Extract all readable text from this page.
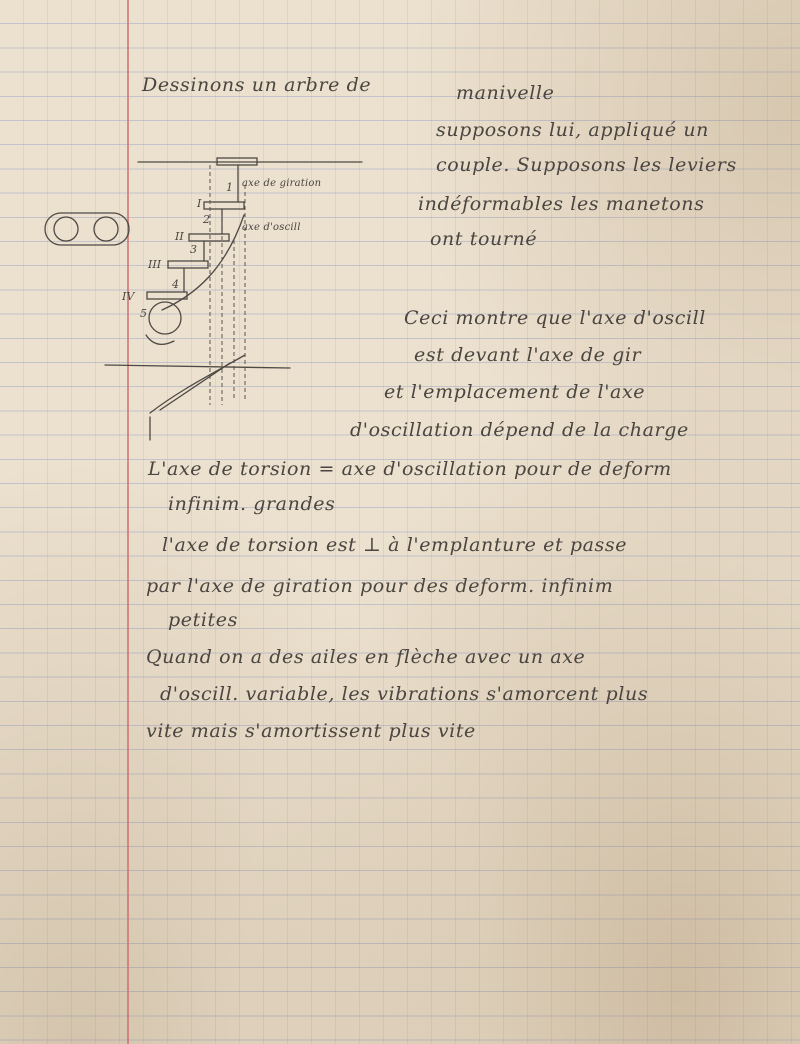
I
II
III
IV
1
2
3
4
5

axe de giration

axe d'oscill

Dessinons un arbre de	manivelle

supposons lui, appliqué un

couple. Supposons les leviers

indéformables les manetons

ont tourné

Ceci montre que l'axe d'oscill

est devant l'axe de gir

et l'emplacement de l'axe

d'oscillation dépend de la charge

L'axe de torsion = axe d'oscillation pour de deform

infinim. grandes

l'axe de torsion est ⊥ à l'emplanture et passe

par l'axe de giration pour des deform. infinim

petites

Quand on a des ailes en flèche avec un axe

d'oscill. variable, les vibrations s'amorcent plus

vite mais s'amortissent plus vite
